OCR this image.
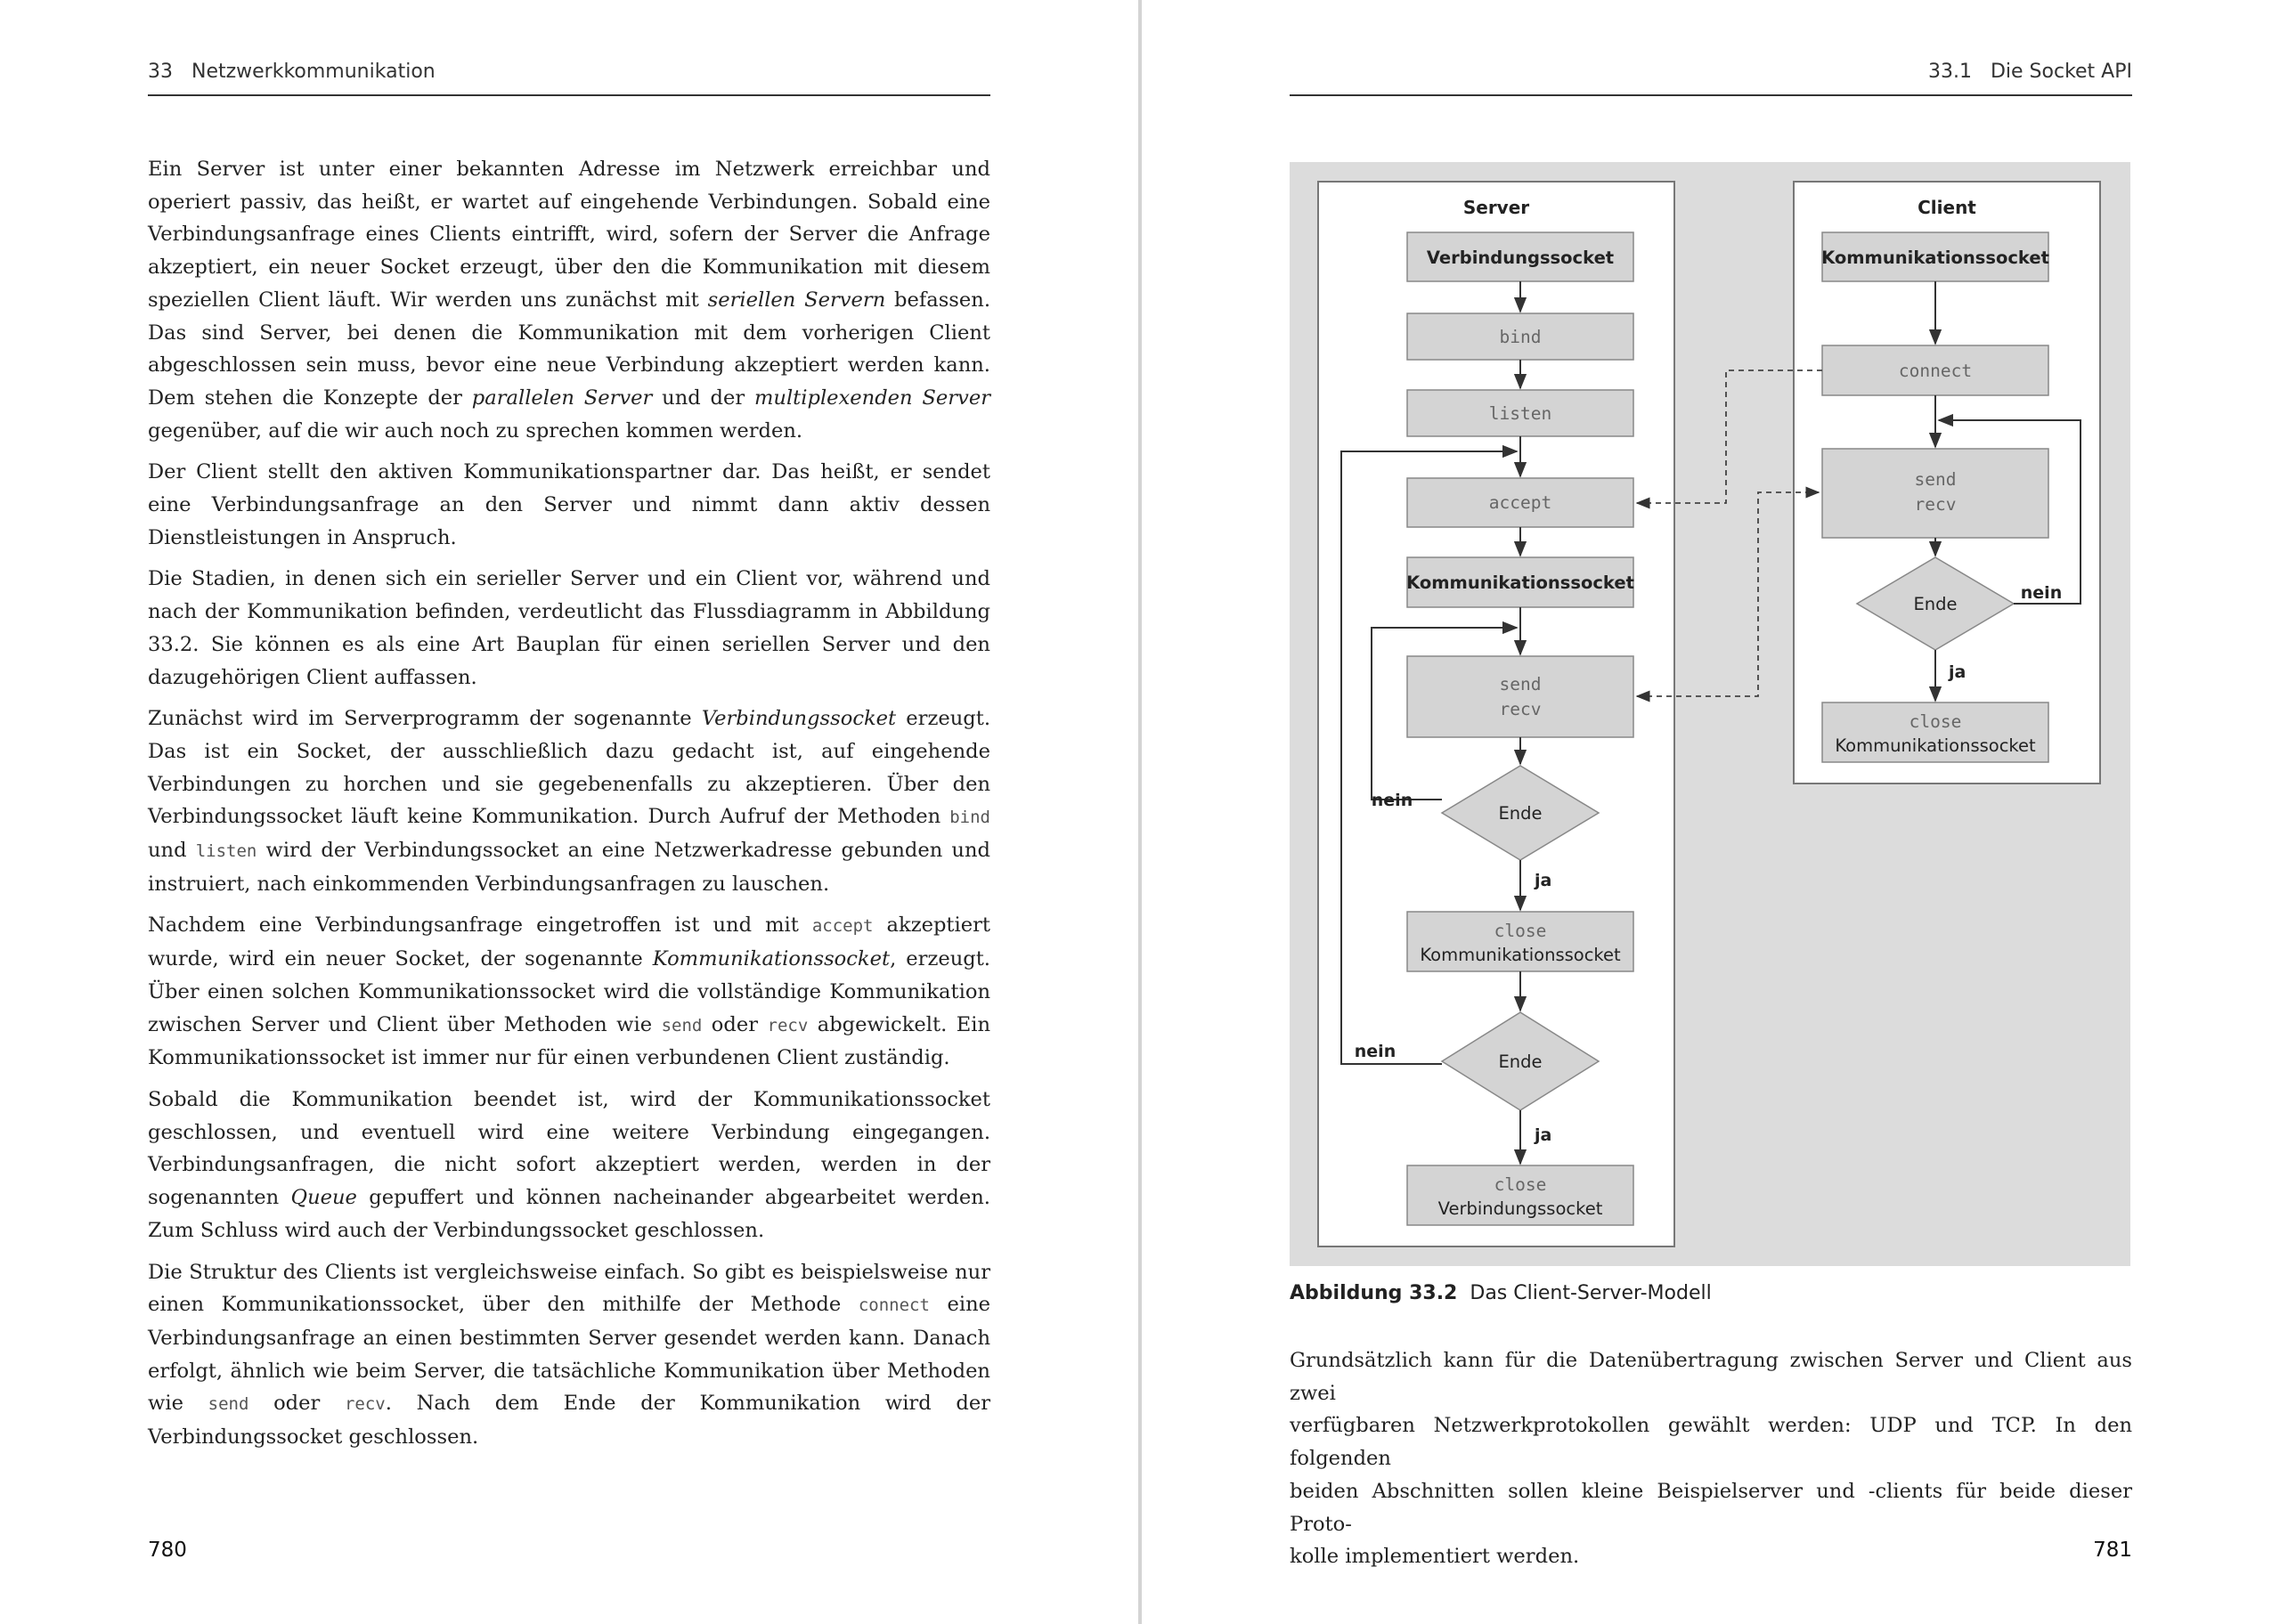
33 Netzwerkkommunikation

Ein Server ist unter einer bekannten Adresse im Netzwerk erreichbar und operiert passiv, das heißt, er wartet auf eingehende Verbindungen. Sobald eine Verbindungsanfrage eines Clients eintrifft, wird, sofern der Server die Anfrage akzeptiert, ein neuer Socket erzeugt, über den die Kommunikation mit diesem speziellen Client läuft. Wir werden uns zunächst mit seriellen Servern befassen. Das sind Server, bei denen die Kommunikation mit dem vorherigen Client abgeschlossen sein muss, bevor eine neue Verbindung akzeptiert werden kann. Dem stehen die Konzepte der parallelen Server und der multiplexenden Server gegenüber, auf die wir auch noch zu sprechen kommen werden.

Der Client stellt den aktiven Kommunikationspartner dar. Das heißt, er sendet eine Verbindungsanfrage an den Server und nimmt dann aktiv dessen Dienstleistungen in Anspruch.

Die Stadien, in denen sich ein serieller Server und ein Client vor, während und nach der Kommunikation befinden, verdeutlicht das Flussdiagramm in Abbildung 33.2. Sie können es als eine Art Bauplan für einen seriellen Server und den dazugehörigen Client auffassen.

Zunächst wird im Serverprogramm der sogenannte Verbindungssocket erzeugt. Das ist ein Socket, der ausschließlich dazu gedacht ist, auf eingehende Verbindungen zu horchen und sie gegebenenfalls zu akzeptieren. Über den Verbindungssocket läuft keine Kommunikation. Durch Aufruf der Methoden bind und listen wird der Verbindungssocket an eine Netzwerkadresse gebunden und instruiert, nach einkommenden Verbindungsanfragen zu lauschen.

Nachdem eine Verbindungsanfrage eingetroffen ist und mit accept akzeptiert wurde, wird ein neuer Socket, der sogenannte Kommunikationssocket, erzeugt. Über einen solchen Kommunikationssocket wird die vollständige Kommunikation zwischen Server und Client über Methoden wie send oder recv abgewickelt. Ein Kommunikationssocket ist immer nur für einen verbundenen Client zuständig.

Sobald die Kommunikation beendet ist, wird der Kommunikationssocket geschlossen, und eventuell wird eine weitere Verbindung eingegangen. Verbindungsanfragen, die nicht sofort akzeptiert werden, werden in der sogenannten Queue gepuffert und können nacheinander abgearbeitet werden. Zum Schluss wird auch der Verbindungssocket geschlossen.

Die Struktur des Clients ist vergleichsweise einfach. So gibt es beispielsweise nur einen Kommunikationssocket, über den mithilfe der Methode connect eine Verbindungsanfrage an einen bestimmten Server gesendet werden kann. Danach erfolgt, ähnlich wie beim Server, die tatsächliche Kommunikation über Methoden wie send oder recv. Nach dem Ende der Kommunikation wird der Verbindungssocket geschlossen.

780
33.1 Die Socket API
Server	Client
Verbindungssocket
bind
listen
accept
Kommunikationssocket
send
recv
Ende
close
Kommunikationssocket
Ende
close
Verbindungssocket
nein
ja
nein
ja
Kommunikationssocket
connect
send
recv
Ende
close
Kommunikationssocket
nein
ja
Abbildung 33.2 Das Client-Server-Modell
Grundsätzlich kann für die Datenübertragung zwischen Server und Client aus zwei
verfügbaren Netzwerkprotokollen gewählt werden: UDP und TCP. In den folgenden
beiden Abschnitten sollen kleine Beispielserver und -clients für beide dieser Proto-
kolle implementiert werden.	781
